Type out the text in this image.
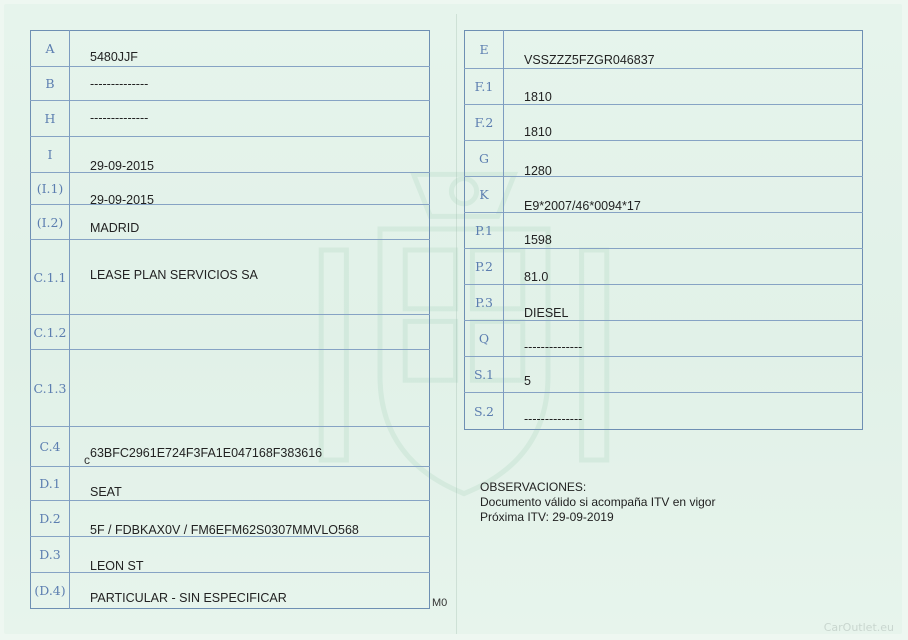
A	5480JJF

B	--------------

H	--------------

I	29-09-2015

(I.1)	29-09-2015

(I.2)	MADRID

C.1.1	LEASE PLAN SERVICIOS SA

C.1.2	

C.1.3	

C.4	63BFC2961E724F3FA1E047168F383616

D.1	SEAT

D.2	5F / FDBKAX0V / FM6EFM62S0307MMVLO568

D.3	LEON ST

(D.4)	PARTICULAR - SIN ESPECIFICAR
c
E	VSSZZZ5FZGR046837

F.1	1810

F.2	1810

G	1280

K	E9*2007/46*0094*17

P.1	1598

P.2	81.0

P.3	DIESEL

Q	--------------

S.1	5

S.2	--------------
OBSERVACIONES:
Documento válido si acompaña ITV en vigor
Próxima ITV: 29-09-2019
M0
CarOutlet.eu
